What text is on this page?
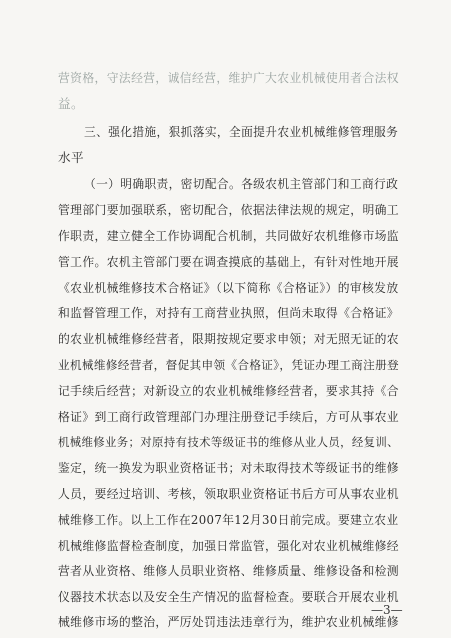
营资格，守法经营，诚信经营，维护广大农业机械使用者合法权
益。
三、强化措施，狠抓落实，全面提升农业机械维修管理服务
水平
（一）明确职责，密切配合。各级农机主管部门和工商行政
管理部门要加强联系，密切配合，依据法律法规的规定，明确工
作职责，建立健全工作协调配合机制，共同做好农机维修市场监
管工作。农机主管部门要在调查摸底的基础上，有针对性地开展
《农业机械维修技术合格证》（以下简称《合格证》）的审核发放
和监督管理工作，对持有工商营业执照，但尚未取得《合格证》
的农业机械维修经营者，限期按规定要求申领；对无照无证的农
业机械维修经营者，督促其申领《合格证》，凭证办理工商注册登
记手续后经营；对新设立的农业机械维修经营者，要求其持《合
格证》到工商行政管理部门办理注册登记手续后，方可从事农业
机械维修业务；对原持有技术等级证书的维修从业人员，经复训、
鉴定，统一换发为职业资格证书；对未取得技术等级证书的维修
人员，要经过培训、考核，领取职业资格证书后方可从事农业机
械维修工作。以上工作在2007年12月30日前完成。要建立农业
机械维修监督检查制度，加强日常监管，强化对农业机械维修经
营者从业资格、维修人员职业资格、维修质量、维修设备和检测
仪器技术状态以及安全生产情况的监督检查。要联合开展农业机
械维修市场的整治，严厉处罚违法违章行为，维护农业机械维修
—3—
